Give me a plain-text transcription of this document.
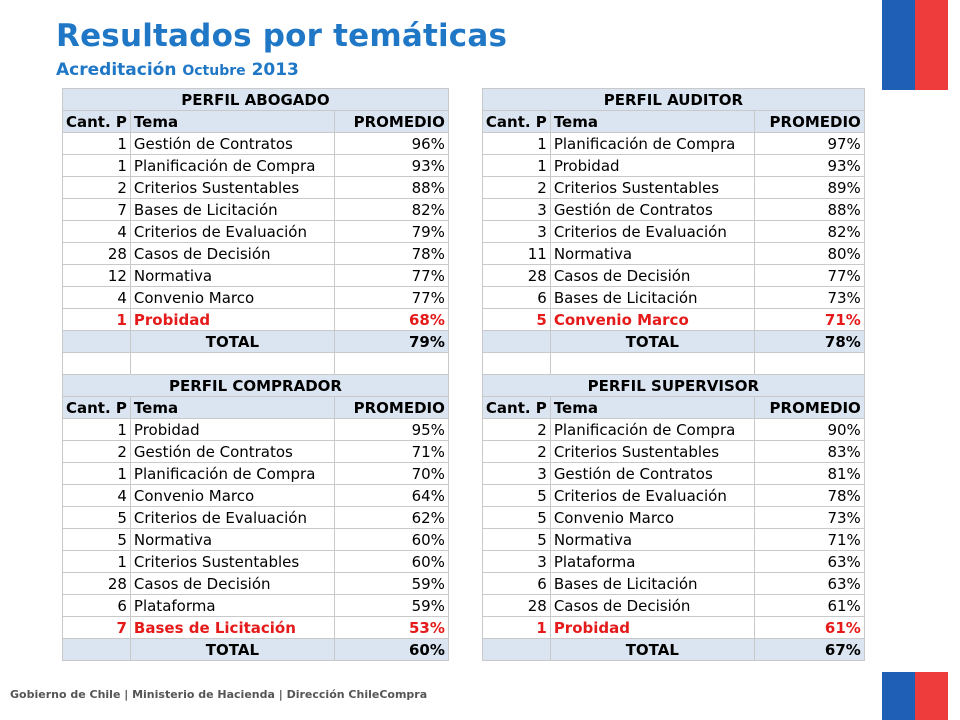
Resultados por temáticas
Acreditación Octubre 2013
PERFIL ABOGADO				PERFIL AUDITOR		
Cant. P	Tema	PROMEDIO		Cant. P	Tema	PROMEDIO
1	Gestión de Contratos	96%		1	Planificación de Compra	97%
1	Planificación de Compra	93%		1	Probidad	93%
2	Criterios Sustentables	88%		2	Criterios Sustentables	89%
7	Bases de Licitación	82%		3	Gestión de Contratos	88%
4	Criterios de Evaluación	79%		3	Criterios de Evaluación	82%
28	Casos de Decisión	78%		11	Normativa	80%
12	Normativa	77%		28	Casos de Decisión	77%
4	Convenio Marco	77%		6	Bases de Licitación	73%
1	Probidad	68%		5	Convenio Marco	71%
	TOTAL	79%			TOTAL	78%

PERFIL COMPRADOR				PERFIL SUPERVISOR		
Cant. P	Tema	PROMEDIO		Cant. P	Tema	PROMEDIO
1	Probidad	95%		2	Planificación de Compra	90%
2	Gestión de Contratos	71%		2	Criterios Sustentables	83%
1	Planificación de Compra	70%		3	Gestión de Contratos	81%
4	Convenio Marco	64%		5	Criterios de Evaluación	78%
5	Criterios de Evaluación	62%		5	Convenio Marco	73%
5	Normativa	60%		5	Normativa	71%
1	Criterios Sustentables	60%		3	Plataforma	63%
28	Casos de Decisión	59%		6	Bases de Licitación	63%
6	Plataforma	59%		28	Casos de Decisión	61%
7	Bases de Licitación	53%		1	Probidad	61%
	TOTAL	60%			TOTAL	67%
Gobierno de Chile | Ministerio de Hacienda | Dirección ChileCompra
